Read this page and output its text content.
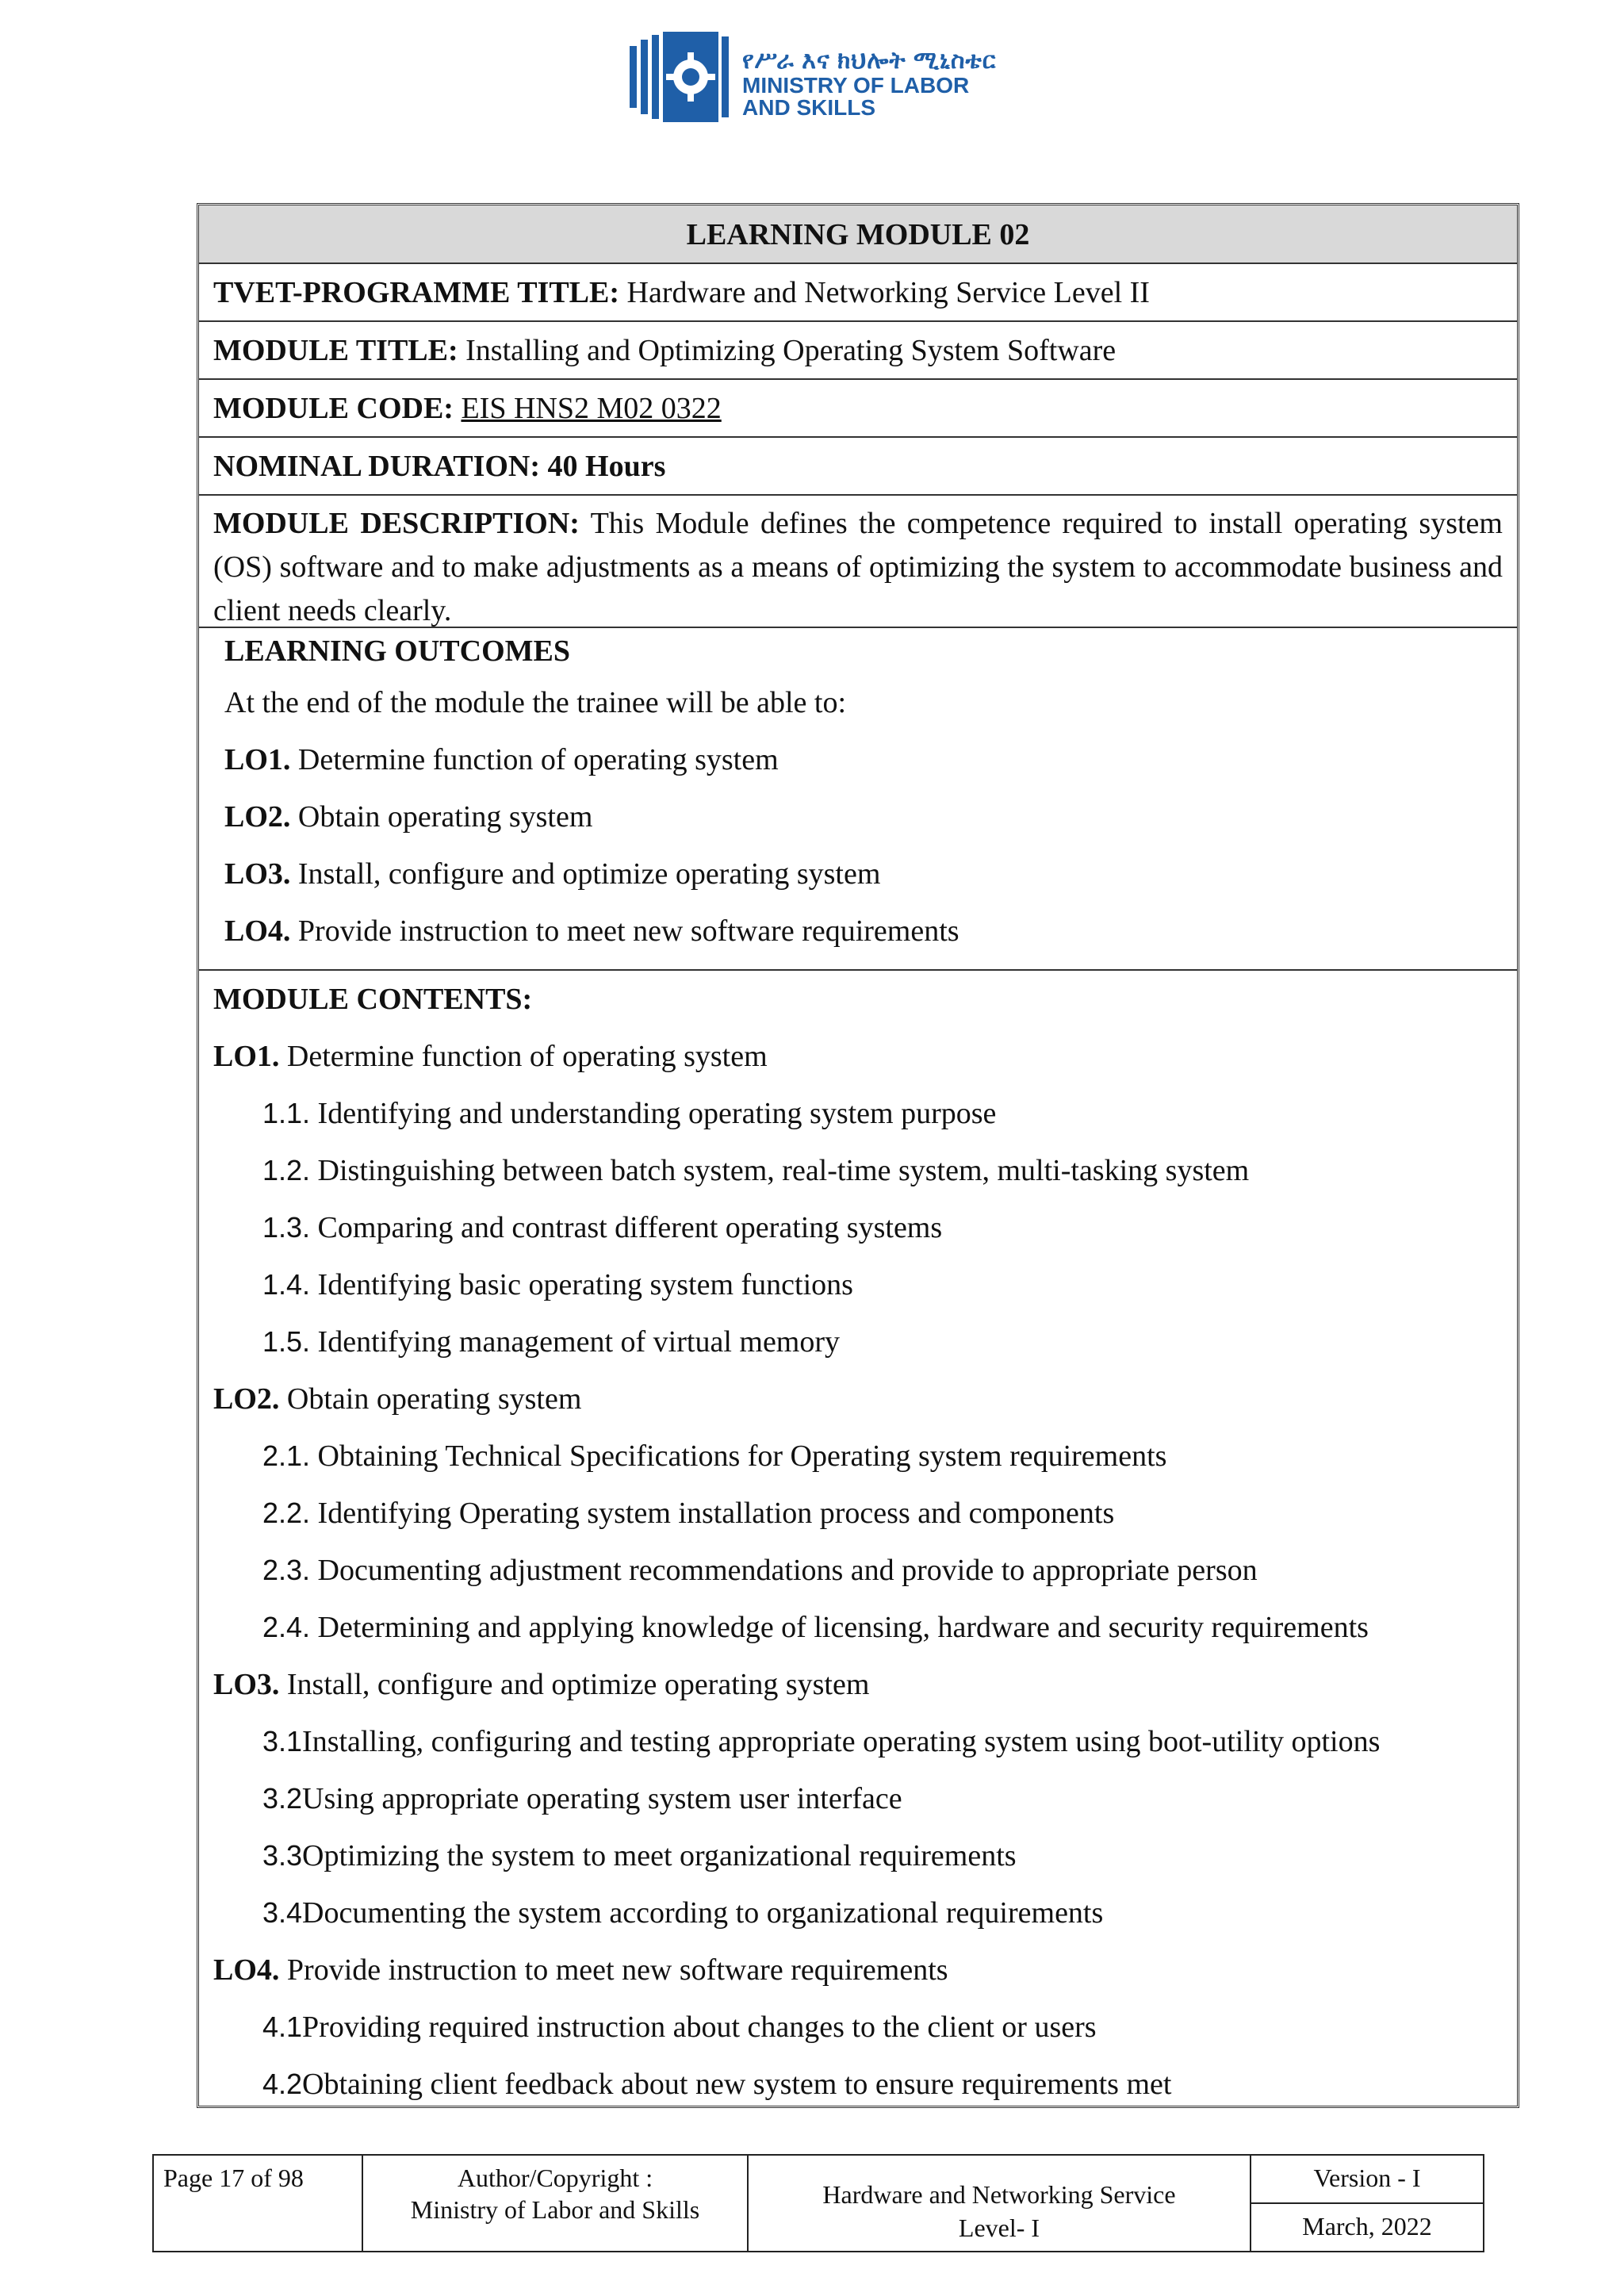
የሥራ እና ክህሎት ሚኒስቴር
MINISTRY OF LABOR
AND SKILLS
LEARNING MODULE 02
TVET-PROGRAMME TITLE: Hardware and Networking Service Level II
MODULE TITLE: Installing and Optimizing Operating System Software
MODULE CODE: EIS HNS2 M02 0322
NOMINAL DURATION: 40 Hours
MODULE DESCRIPTION: This Module defines the competence required to install operating system (OS) software and to make adjustments as a means of optimizing the system to accommodate business and client needs clearly.
LEARNING OUTCOMES
At the end of the module the trainee will be able to:
LO1. Determine function of operating system
LO2. Obtain operating system
LO3. Install, configure and optimize operating system
LO4. Provide instruction to meet new software requirements
MODULE CONTENTS:
LO1. Determine function of operating system
1.1. Identifying and understanding operating system purpose
1.2. Distinguishing between batch system, real-time system, multi-tasking system
1.3. Comparing and contrast different operating systems
1.4. Identifying basic operating system functions
1.5. Identifying management of virtual memory
LO2. Obtain operating system
2.1. Obtaining Technical Specifications for Operating system requirements
2.2. Identifying Operating system installation process and components
2.3. Documenting adjustment recommendations and provide to appropriate person
2.4. Determining and applying knowledge of licensing, hardware and security requirements
LO3. Install, configure and optimize operating system
3.1Installing, configuring and testing appropriate operating system using boot-utility options
3.2Using appropriate operating system user interface
3.3Optimizing the system to meet organizational requirements
3.4Documenting the system according to organizational requirements
LO4. Provide instruction to meet new software requirements
4.1Providing required instruction about changes to the client or users
4.2Obtaining client feedback about new system to ensure requirements met
Page 17 of 98	Author/Copyright :
Ministry of Labor and Skills
Hardware and Networking Service
Level- I
Version - I
March, 2022
